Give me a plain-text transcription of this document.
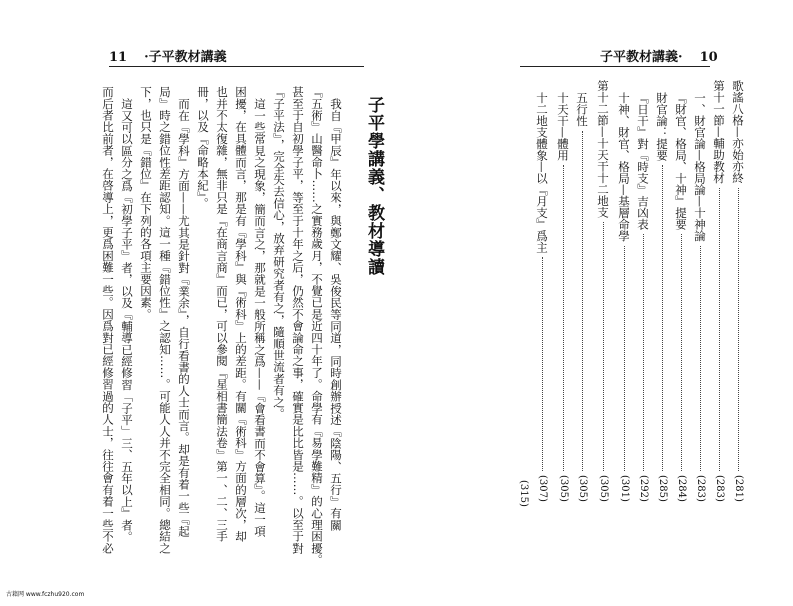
11 ·子平教材講義
子平學講義、教材導讀
我自『甲辰』年以來，與鄭文耀、吳俊民等同道，同時創辦授述『陰陽、五行』有關
『五術』山醫命卜……之實務歲月，不覺已是近四十年了。命學有『易學難精』的心理困擾。
甚至于自初學子平，等至于十年之后，仍然不會論命之事，確實是比比皆是……。以至于對
『子平法』，完全失去信心，放弃研究者有之，隨順世流者有之。
這一些常見之現象，簡而言之，那就是一般所稱之爲——『會看書而不會算』。這一項
困擾，在具體而言，那是有『學科』與『術科』上的差距。有關『術科』方面的層次，却
也并不太復雜，無非只是『在商言商』而已，可以參閱『星相書簡法卷』第一、二、三手
冊，以及『命略本紀』。
而在『學科』方面——尤其是針對『業余』，自行看書的人士而言。却是有着一些『起
局』時之錯位性差距認知。這一種『錯位性』之認知……。可能人人并不完全相同。總結之
下，也只是『錯位』在下列的各項主要因素。
這又可以區分之爲『初學子平』者，以及『輔導已經修習「子平」三、五年以上』者。
而后者比前者，在啓導上，更爲困難一些。因爲對已經修習過的人士，往往會有着一些不必
子平教材講義· 10
歌謠八格—亦始亦終
(281)
第十一節—輔助教材
(283)
一、財官論—格局論—十神論
(283)
『財官、格局、十神』提要
(284)
財官論：提要
(285)
『日干』對『時支』吉凶表
(292)
十神、財官、格局—基層命學
(301)
第十二節—十天干十二地支
(305)
五行性
(305)
十天干—體用
(305)
十二地支體象—以『月支』爲主
(307)
(315)
古籍网 www.fczhu920.com
